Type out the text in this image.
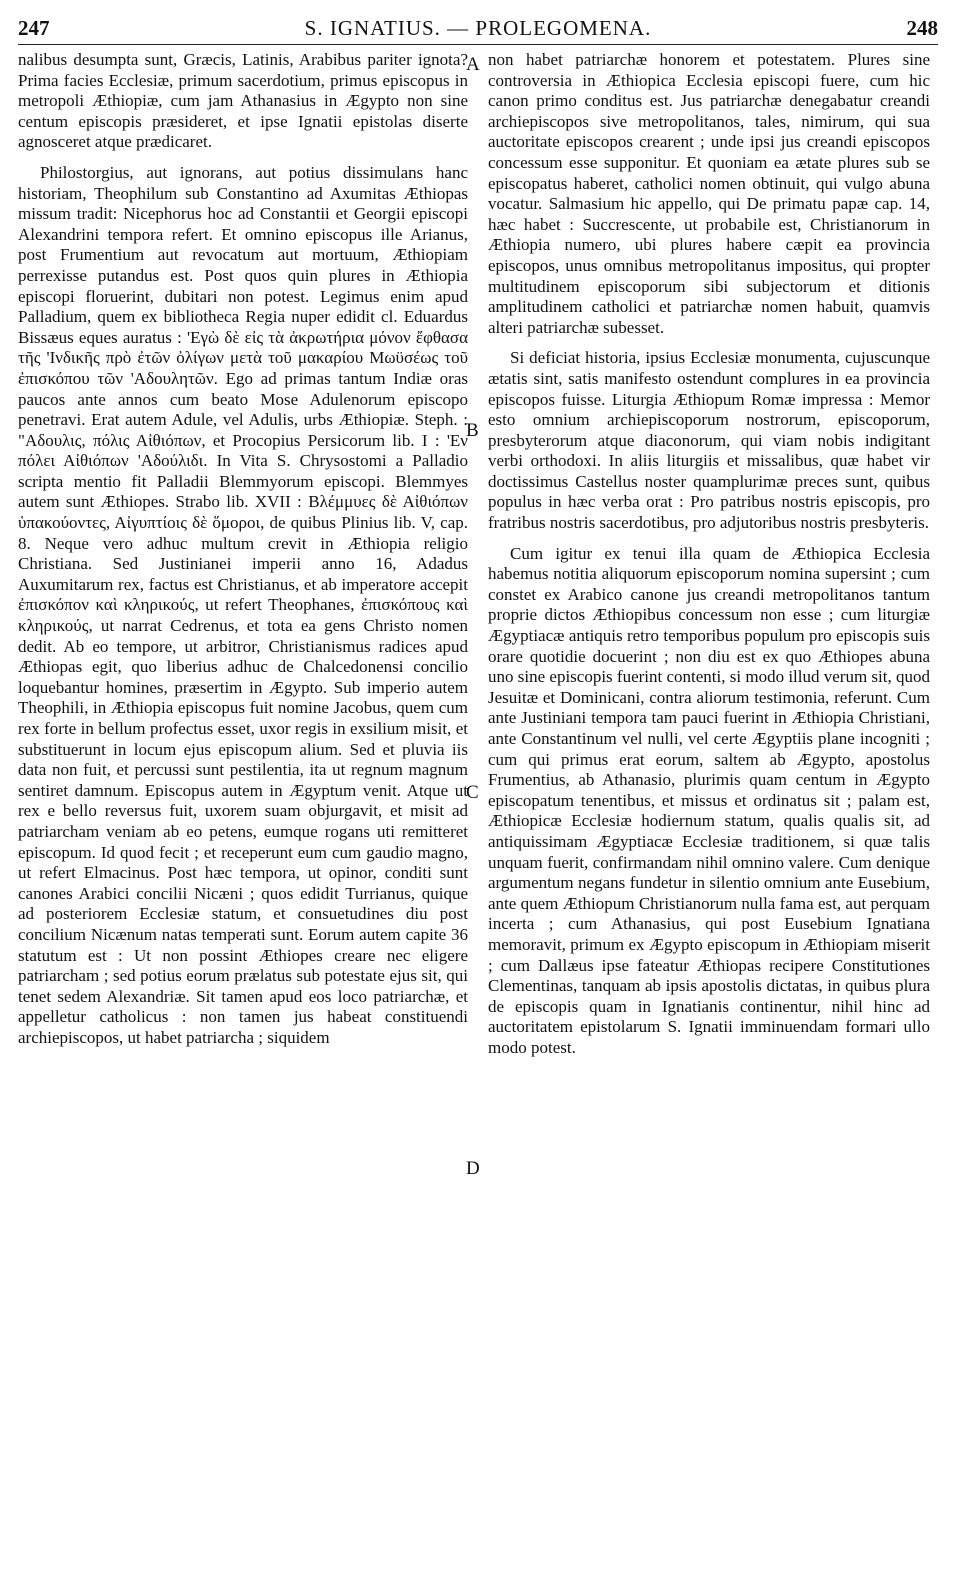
247	S. IGNATIUS. — PROLEGOMENA.	248
A
B
C
D

nalibus desumpta sunt, Græcis, Latinis, Arabibus pariter ignota? Prima facies Ecclesiæ, primum sacerdotium, primus episcopus in metropoli Æthiopiæ, cum jam Athanasius in Ægypto non sine centum episcopis præsideret, et ipse Ignatii epistolas diserte agnosceret atque prædicaret.

Philostorgius, aut ignorans, aut potius dissimulans hanc historiam, Theophilum sub Constantino ad Axumitas Æthiopas missum tradit: Nicephorus hoc ad Constantii et Georgii episcopi Alexandrini tempora refert. Et omnino episcopus ille Arianus, post Frumentium aut revocatum aut mortuum, Æthiopiam perrexisse putandus est. Post quos quin plures in Æthiopia episcopi floruerint, dubitari non potest. Legimus enim apud Palladium, quem ex bibliotheca Regia nuper edidit cl. Eduardus Bissæus eques auratus : 'Εγὼ δὲ εἰς τὰ ἀκρωτήρια μόνον ἔφθασα τῆς 'Ινδικῆς πρὸ ἐτῶν ὀλίγων μετὰ τοῦ μακαρίου Μωϋσέως τοῦ ἐπισκόπου τῶν 'Αδουλητῶν. Ego ad primas tantum Indiæ oras paucos ante annos cum beato Mose Adulenorum episcopo penetravi. Erat autem Adule, vel Adulis, urbs Æthiopiæ. Steph. : "Αδουλις, πόλις Αἰθιόπων, et Procopius Persicorum lib. I : 'Εν πόλει Αἰθιόπων 'Αδούλιδι. In Vita S. Chrysostomi a Palladio scripta mentio fit Palladii Blemmyorum episcopi. Blemmyes autem sunt Æthiopes. Strabo lib. XVII : Βλέμμυες δὲ Αἰθιόπων ὑπακούοντες, Αἰγυπτίοις δὲ ὅμοροι, de quibus Plinius lib. V, cap. 8. Neque vero adhuc multum crevit in Æthiopia religio Christiana. Sed Justinianei imperii anno 16, Adadus Auxumitarum rex, factus est Christianus, et ab imperatore accepit ἐπισκόπον καὶ κληρικούς, ut refert Theophanes, ἐπισκόπους καὶ κληρικούς, ut narrat Cedrenus, et tota ea gens Christo nomen dedit. Ab eo tempore, ut arbitror, Christianismus radices apud Æthiopas egit, quo liberius adhuc de Chalcedonensi concilio loquebantur homines, præsertim in Ægypto. Sub imperio autem Theophili, in Æthiopia episcopus fuit nomine Jacobus, quem cum rex forte in bellum profectus esset, uxor regis in exsilium misit, et substituerunt in locum ejus episcopum alium. Sed et pluvia iis data non fuit, et percussi sunt pestilentia, ita ut regnum magnum sentiret damnum. Episcopus autem in Ægyptum venit. Atque ut rex e bello reversus fuit, uxorem suam objurgavit, et misit ad patriarcham veniam ab eo petens, eumque rogans uti remitteret episcopum. Id quod fecit ; et receperunt eum cum gaudio magno, ut refert Elmacinus. Post hæc tempora, ut opinor, conditi sunt canones Arabici concilii Nicæni ; quos edidit Turrianus, quique ad posteriorem Ecclesiæ statum, et consuetudines diu post concilium Nicænum natas temperati sunt. Eorum autem capite 36 statutum est : Ut non possint Æthiopes creare nec eligere patriarcham ; sed potius eorum prælatus sub potestate ejus sit, qui tenet sedem Alexandriæ. Sit tamen apud eos loco patriarchæ, et appelletur catholicus : non tamen jus habeat constituendi archiepiscopos, ut habet patriarcha ; siquidem

non habet patriarchæ honorem et potestatem. Plures sine controversia in Æthiopica Ecclesia episcopi fuere, cum hic canon primo conditus est. Jus patriarchæ denegabatur creandi archiepiscopos sive metropolitanos, tales, nimirum, qui sua auctoritate episcopos crearent ; unde ipsi jus creandi episcopos concessum esse supponitur. Et quoniam ea ætate plures sub se episcopatus haberet, catholici nomen obtinuit, qui vulgo abuna vocatur. Salmasium hic appello, qui De primatu papæ cap. 14, hæc habet : Succrescente, ut probabile est, Christianorum in Æthiopia numero, ubi plures habere cæpit ea provincia episcopos, unus omnibus metropolitanus impositus, qui propter multitudinem episcoporum sibi subjectorum et ditionis amplitudinem catholici et patriarchæ nomen habuit, quamvis alteri patriarchæ subesset.

Si deficiat historia, ipsius Ecclesiæ monumenta, cujuscunque ætatis sint, satis manifesto ostendunt complures in ea provincia episcopos fuisse. Liturgia Æthiopum Romæ impressa : Memor esto omnium archiepiscoporum nostrorum, episcoporum, presbyterorum atque diaconorum, qui viam nobis indigitant verbi orthodoxi. In aliis liturgiis et missalibus, quæ habet vir doctissimus Castellus noster quamplurimæ preces sunt, quibus populus in hæc verba orat : Pro patribus nostris episcopis, pro fratribus nostris sacerdotibus, pro adjutoribus nostris presbyteris.

Cum igitur ex tenui illa quam de Æthiopica Ecclesia habemus notitia aliquorum episcoporum nomina supersint ; cum constet ex Arabico canone jus creandi metropolitanos tantum proprie dictos Æthiopibus concessum non esse ; cum liturgiæ Ægyptiacæ antiquis retro temporibus populum pro episcopis suis orare quotidie docuerint ; non diu est ex quo Æthiopes abuna uno sine episcopis fuerint contenti, si modo illud verum sit, quod Jesuitæ et Dominicani, contra aliorum testimonia, referunt. Cum ante Justiniani tempora tam pauci fuerint in Æthiopia Christiani, ante Constantinum vel nulli, vel certe Ægyptiis plane incogniti ; cum qui primus erat eorum, saltem ab Ægypto, apostolus Frumentius, ab Athanasio, plurimis quam centum in Ægypto episcopatum tenentibus, et missus et ordinatus sit ; palam est, Æthiopicæ Ecclesiæ hodiernum statum, qualis qualis sit, ad antiquissimam Ægyptiacæ Ecclesiæ traditionem, si quæ talis unquam fuerit, confirmandam nihil omnino valere. Cum denique argumentum negans fundetur in silentio omnium ante Eusebium, ante quem Æthiopum Christianorum nulla fama est, aut perquam incerta ; cum Athanasius, qui post Eusebium Ignatiana memoravit, primum ex Ægypto episcopum in Æthiopiam miserit ; cum Dallæus ipse fateatur Æthiopas recipere Constitutiones Clementinas, tanquam ab ipsis apostolis dictatas, in quibus plura de episcopis quam in Ignatianis continentur, nihil hinc ad auctoritatem epistolarum S. Ignatii imminuendam formari ullo modo potest.
